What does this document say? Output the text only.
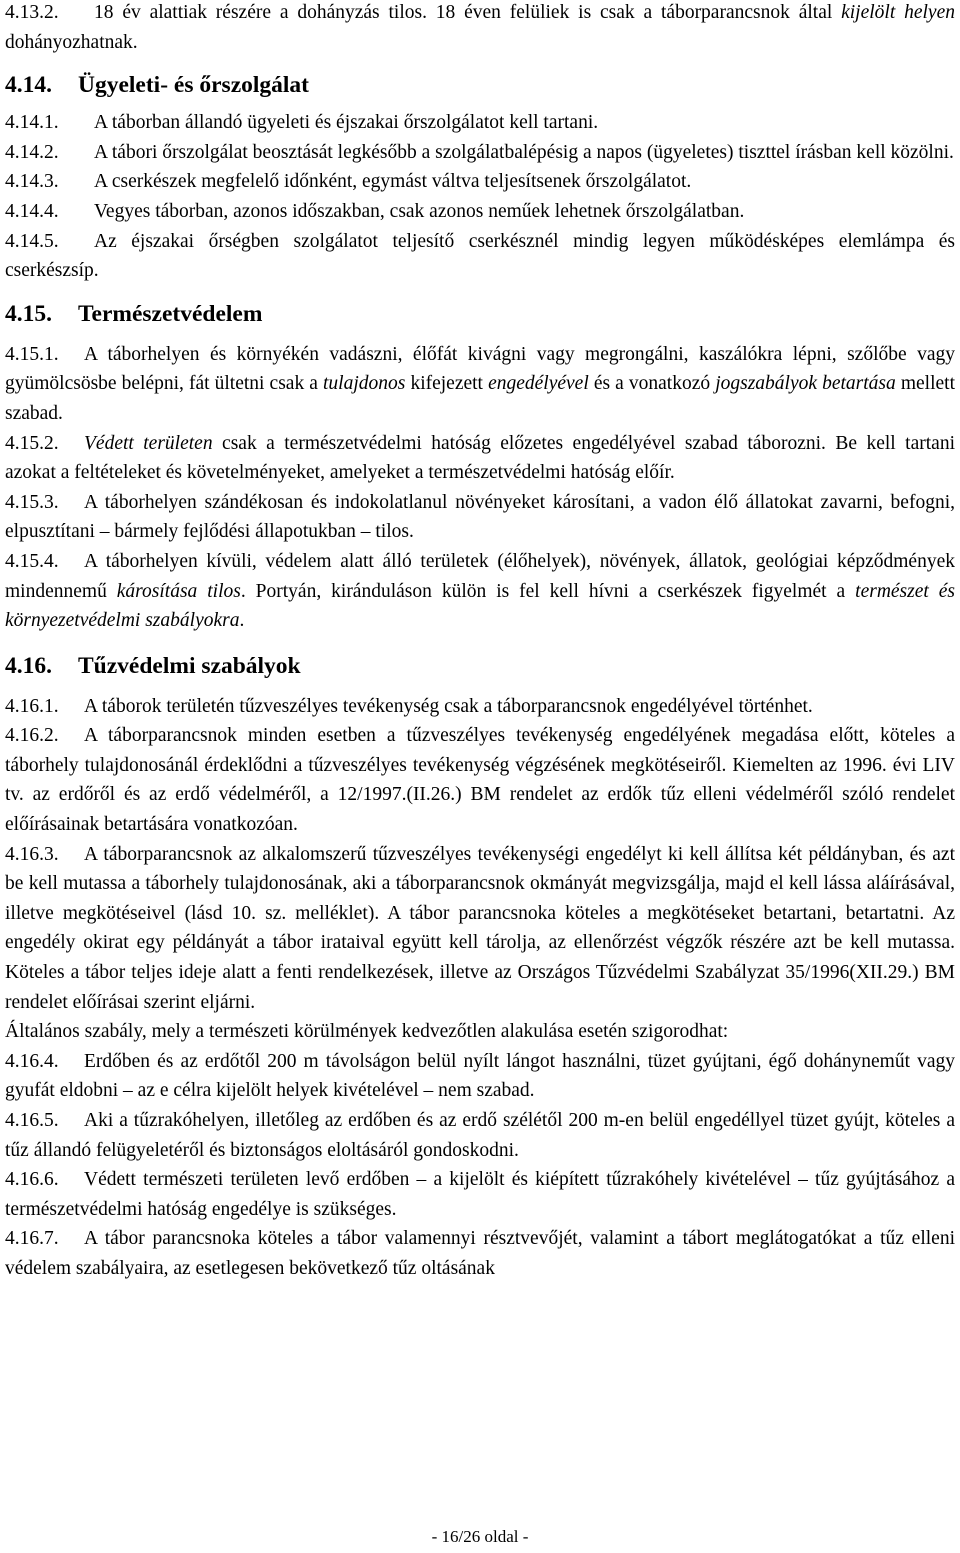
4.13.2. 18 év alattiak részére a dohányzás tilos. 18 éven felüliek is csak a táborparancsnok által kijelölt helyen dohányozhatnak.

4.14. Ügyeleti- és őrszolgálat

4.14.1. A táborban állandó ügyeleti és éjszakai őrszolgálatot kell tartani.

4.14.2. A tábori őrszolgálat beosztását legkésőbb a szolgálatbalépésig a napos (ügyeletes) tiszttel írásban kell közölni.

4.14.3. A cserkészek megfelelő időnként, egymást váltva teljesítsenek őrszolgálatot.

4.14.4. Vegyes táborban, azonos időszakban, csak azonos neműek lehetnek őrszolgálatban.

4.14.5. Az éjszakai őrségben szolgálatot teljesítő cserkésznél mindig legyen működésképes elemlámpa és cserkészsíp.

4.15. Természetvédelem

4.15.1. A táborhelyen és környékén vadászni, élőfát kivágni vagy megrongálni, kaszálókra lépni, szőlőbe vagy gyümölcsösbe belépni, fát ültetni csak a tulajdonos kifejezett engedélyével és a vonatkozó jogszabályok betartása mellett szabad.

4.15.2. Védett területen csak a természetvédelmi hatóság előzetes engedélyével szabad táborozni. Be kell tartani azokat a feltételeket és követelményeket, amelyeket a természetvédelmi hatóság előír.

4.15.3. A táborhelyen szándékosan és indokolatlanul növényeket károsítani, a vadon élő állatokat zavarni, befogni, elpusztítani – bármely fejlődési állapotukban – tilos.

4.15.4. A táborhelyen kívüli, védelem alatt álló területek (élőhelyek), növények, állatok, geológiai képződmények mindennemű károsítása tilos. Portyán, kiránduláson külön is fel kell hívni a cserkészek figyelmét a természet és környezetvédelmi szabályokra.

4.16. Tűzvédelmi szabályok

4.16.1. A táborok területén tűzveszélyes tevékenység csak a táborparancsnok engedélyével történhet.

4.16.2. A táborparancsnok minden esetben a tűzveszélyes tevékenység engedélyének megadása előtt, köteles a táborhely tulajdonosánál érdeklődni a tűzveszélyes tevékenység végzésének megkötéseiről. Kiemelten az 1996. évi LIV tv. az erdőről és az erdő védelméről, a 12/1997.(II.26.) BM rendelet az erdők tűz elleni védelméről szóló rendelet előírásainak betartására vonatkozóan.

4.16.3. A táborparancsnok az alkalomszerű tűzveszélyes tevékenységi engedélyt ki kell állítsa két példányban, és azt be kell mutassa a táborhely tulajdonosának, aki a táborparancsnok okmányát megvizsgálja, majd el kell lássa aláírásával, illetve megkötéseivel (lásd 10. sz. melléklet). A tábor parancsnoka köteles a megkötéseket betartani, betartatni. Az engedély okirat egy példányát a tábor irataival együtt kell tárolja, az ellenőrzést végzők részére azt be kell mutassa. Köteles a tábor teljes ideje alatt a fenti rendelkezések, illetve az Országos Tűzvédelmi Szabályzat 35/1996(XII.29.) BM rendelet előírásai szerint eljárni.

Általános szabály, mely a természeti körülmények kedvezőtlen alakulása esetén szigorodhat:

4.16.4. Erdőben és az erdőtől 200 m távolságon belül nyílt lángot használni, tüzet gyújtani, égő dohányneműt vagy gyufát eldobni – az e célra kijelölt helyek kivételével – nem szabad.

4.16.5. Aki a tűzrakóhelyen, illetőleg az erdőben és az erdő szélétől 200 m-en belül engedéllyel tüzet gyújt, köteles a tűz állandó felügyeletéről és biztonságos eloltásáról gondoskodni.

4.16.6. Védett természeti területen levő erdőben – a kijelölt és kiépített tűzrakóhely kivételével – tűz gyújtásához a természetvédelmi hatóság engedélye is szükséges.

4.16.7. A tábor parancsnoka köteles a tábor valamennyi résztvevőjét, valamint a tábort meglátogatókat a tűz elleni védelem szabályaira, az esetlegesen bekövetkező tűz oltásának

- 16/26 oldal -
